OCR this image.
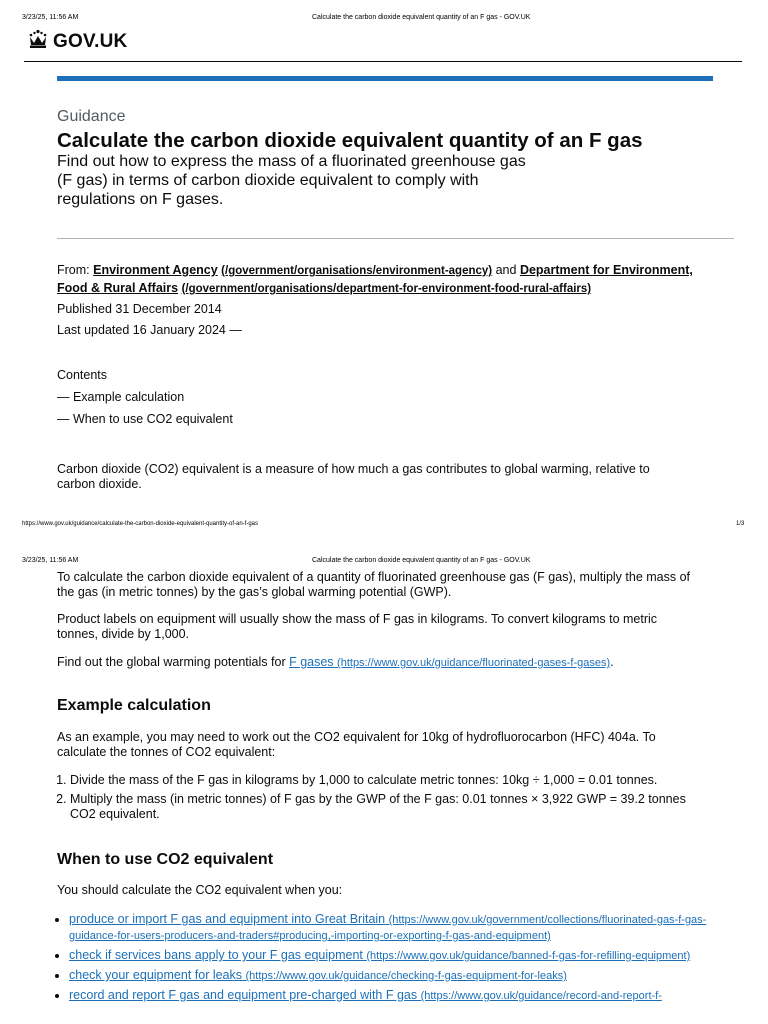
3/23/25, 11:56 AM	Calculate the carbon dioxide equivalent quantity of an F gas - GOV.UK
GOV.UK
Guidance
Calculate the carbon dioxide equivalent quantity of an F gas

Find out how to express the mass of a fluorinated greenhouse gas
(F gas) in terms of carbon dioxide equivalent to comply with
regulations on F gases.

From: Environment Agency (/government/organisations/environment-agency) and Department for Environment, Food & Rural Affairs (/government/organisations/department-for-environment-food-rural-affairs)
Published 31 December 2014
Last updated 16 January 2024 —
Contents
— Example calculation
— When to use CO2 equivalent

Carbon dioxide (CO2) equivalent is a measure of how much a gas contributes to global warming, relative to carbon dioxide.

https://www.gov.uk/guidance/calculate-the-carbon-dioxide-equivalent-quantity-of-an-f-gas	1/3
3/23/25, 11:56 AM	Calculate the carbon dioxide equivalent quantity of an F gas - GOV.UK

To calculate the carbon dioxide equivalent of a quantity of fluorinated greenhouse gas (F gas), multiply the mass of the gas (in metric tonnes) by the gas’s global warming potential (GWP).

Product labels on equipment will usually show the mass of F gas in kilograms. To convert kilograms to metric tonnes, divide by 1,000.

Find out the global warming potentials for F gases (https://www.gov.uk/guidance/fluorinated-gases-f-gases).

Example calculation

As an example, you may need to work out the CO2 equivalent for 10kg of hydrofluorocarbon (HFC) 404a. To calculate the tonnes of CO2 equivalent:

1. Divide the mass of the F gas in kilograms by 1,000 to calculate metric tonnes: 10kg ÷ 1,000 = 0.01 tonnes.
2. Multiply the mass (in metric tonnes) of F gas by the GWP of the F gas: 0.01 tonnes × 3,922 GWP = 39.2 tonnes CO2 equivalent.
When to use CO2 equivalent

You should calculate the CO2 equivalent when you:

• produce or import F gas and equipment into Great Britain (https://www.gov.uk/government/collections/fluorinated-gas-f-gas-guidance-for-users-producers-and-traders#producing,-importing-or-exporting-f-gas-and-equipment)
• check if services bans apply to your F gas equipment (https://www.gov.uk/guidance/banned-f-gas-for-refilling-equipment)
• check your equipment for leaks (https://www.gov.uk/guidance/checking-f-gas-equipment-for-leaks)
• record and report F gas and equipment pre-charged with F gas (https://www.gov.uk/guidance/record-and-report-f-
